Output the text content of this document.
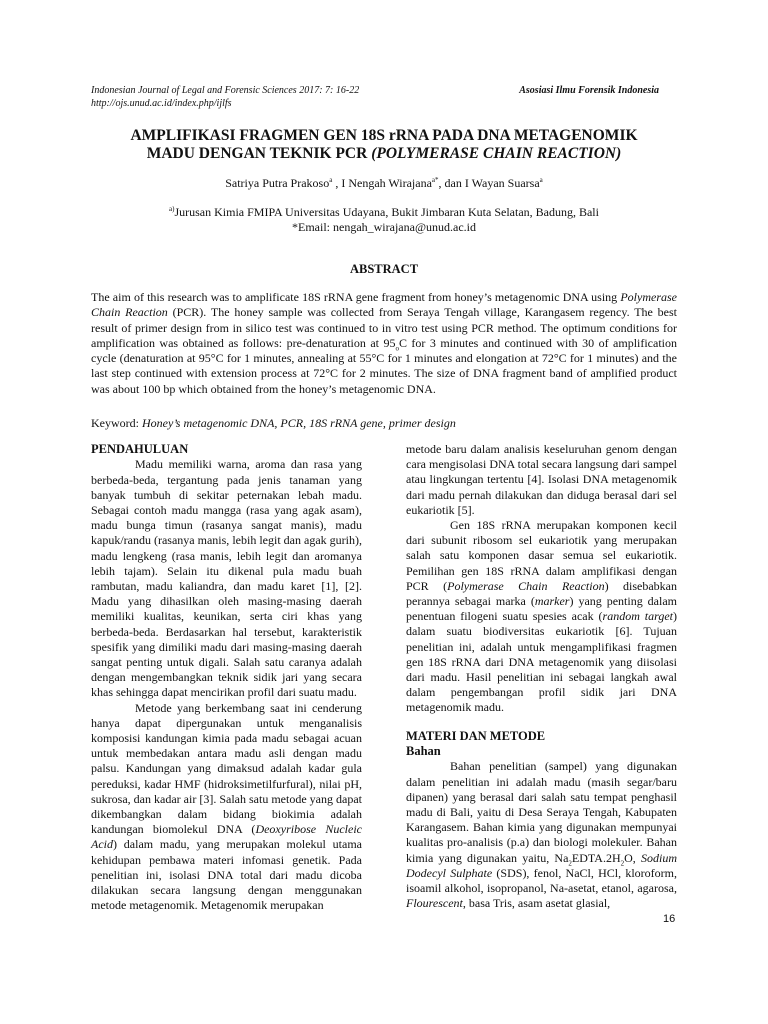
Indonesian Journal of Legal and Forensic Sciences 2017: 7: 16-22	Asosiasi Ilmu Forensik Indonesia
http://ojs.unud.ac.id/index.php/ijlfs
AMPLIFIKASI FRAGMEN GEN 18S rRNA PADA DNA METAGENOMIK
MADU DENGAN TEKNIK PCR (POLYMERASE CHAIN REACTION)
Satriya Putra Prakoso$^a$ , I Nengah Wirajana$^{a*}$, dan I Wayan Suarsa$^a$
$^{a)}$Jurusan Kimia FMIPA Universitas Udayana, Bukit Jimbaran Kuta Selatan, Badung, Bali
*Email: nengah_wirajana@unud.ac.id
ABSTRACT
The aim of this research was to amplificate 18S rRNA gene fragment from honey’s metagenomic DNA using Polymerase Chain Reaction (PCR). The honey sample was collected from Seraya Tengah village, Karangasem regency. The best result of primer design from in silico test was continued to in vitro test using PCR method. The optimum conditions for amplification was obtained as follows: pre-denaturation at $95_oC$ for 3 minutes and continued with 30 of amplification cycle (denaturation at 95°C for 1 minutes, annealing at 55°C for 1 minutes and elongation at 72°C for 1 minutes) and the last step continued with extension process at 72°C for 2 minutes. The size of DNA fragment band of amplified product was about 100 bp which obtained from the honey’s metagenomic DNA.
Keyword: Honey’s metagenomic DNA, PCR, 18S rRNA gene, primer design
PENDAHULUAN

Madu memiliki warna, aroma dan rasa yang berbeda-beda, tergantung pada jenis tanaman yang banyak tumbuh di sekitar peternakan lebah madu. Sebagai contoh madu mangga (rasa yang agak asam), madu bunga timun (rasanya sangat manis), madu kapuk/randu (rasanya manis, lebih legit dan agak gurih), madu lengkeng (rasa manis, lebih legit dan aromanya lebih tajam). Selain itu dikenal pula madu buah rambutan, madu kaliandra, dan madu karet [1], [2]. Madu yang dihasilkan oleh masing-masing daerah memiliki kualitas, keunikan, serta ciri khas yang berbeda-beda. Berdasarkan hal tersebut, karakteristik spesifik yang dimiliki madu dari masing-masing daerah sangat penting untuk digali. Salah satu caranya adalah dengan mengembangkan teknik sidik jari yang secara khas sehingga dapat mencirikan profil dari suatu madu.

Metode yang berkembang saat ini cenderung hanya dapat dipergunakan untuk menganalisis komposisi kandungan kimia pada madu sebagai acuan untuk membedakan antara madu asli dengan madu palsu. Kandungan yang dimaksud adalah kadar gula pereduksi, kadar HMF (hidroksimetilfurfural), nilai pH, sukrosa, dan kadar air [3]. Salah satu metode yang dapat dikembangkan dalam bidang biokimia adalah kandungan biomolekul DNA (Deoxyribose Nucleic Acid) dalam madu, yang merupakan molekul utama kehidupan pembawa materi infomasi genetik. Pada penelitian ini, isolasi DNA total dari madu dicoba dilakukan secara langsung dengan menggunakan metode metagenomik. Metagenomik merupakan

metode baru dalam analisis keseluruhan genom dengan cara mengisolasi DNA total secara langsung dari sampel atau lingkungan tertentu [4]. Isolasi DNA metagenomik dari madu pernah dilakukan dan diduga berasal dari sel eukariotik [5].

Gen 18S rRNA merupakan komponen kecil dari subunit ribosom sel eukariotik yang merupakan salah satu komponen dasar semua sel eukariotik. Pemilihan gen 18S rRNA dalam amplifikasi dengan PCR (Polymerase Chain Reaction) disebabkan perannya sebagai marka (marker) yang penting dalam penentuan filogeni suatu spesies acak (random target) dalam suatu biodiversitas eukariotik [6]. Tujuan penelitian ini, adalah untuk mengamplifikasi fragmen gen 18S rRNA dari DNA metagenomik yang diisolasi dari madu. Hasil penelitian ini sebagai langkah awal dalam pengembangan profil sidik jari DNA metagenomik madu.

MATERI DAN METODE
Bahan

Bahan penelitian (sampel) yang digunakan dalam penelitian ini adalah madu (masih segar/baru dipanen) yang berasal dari salah satu tempat penghasil madu di Bali, yaitu di Desa Seraya Tengah, Kabupaten Karangasem. Bahan kimia yang digunakan mempunyai kualitas pro-analisis (p.a) dan biologi molekuler. Bahan kimia yang digunakan yaitu, $Na_2EDTA.2H_2O$, Sodium Dodecyl Sulphate (SDS), fenol, NaCl, HCl, kloroform, isoamil alkohol, isopropanol, Na-asetat, etanol, agarosa, Flourescent, basa Tris, asam asetat glasial,

16
